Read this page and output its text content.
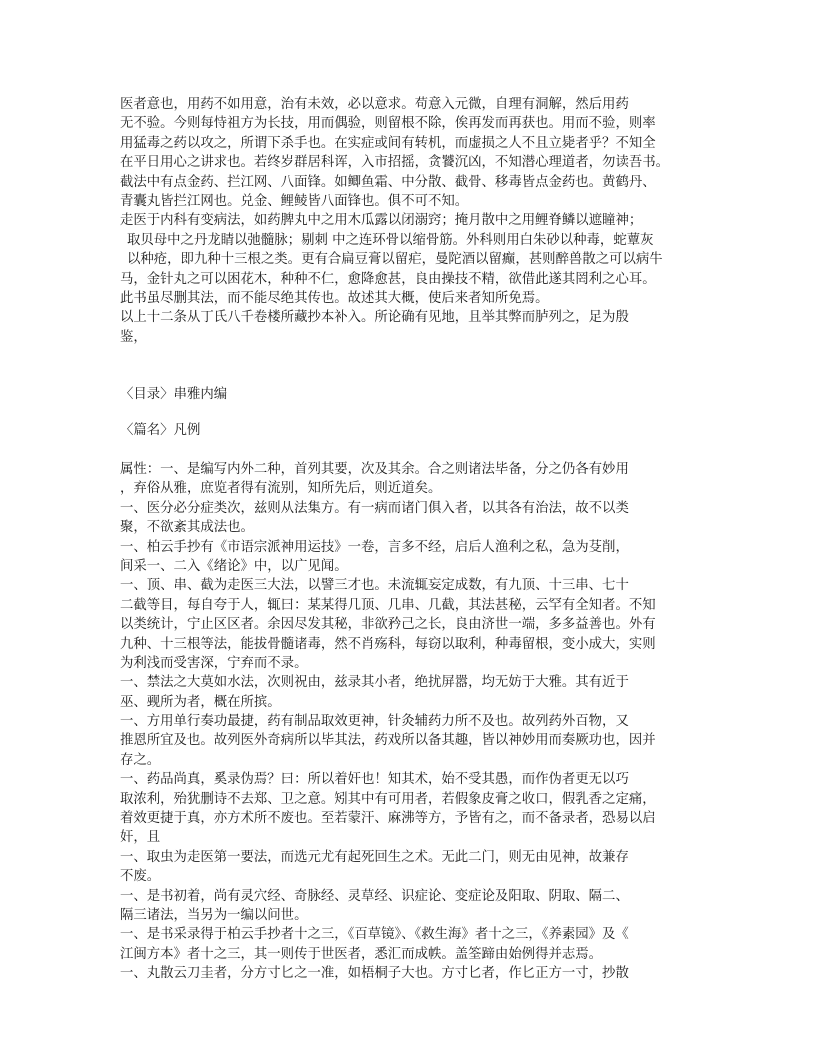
医者意也，用药不如用意，治有未效，必以意求。苟意入元微，自理有洞解，然后用药
无不验。今则每恃祖方为长技，用而偶验，则留根不除，俟再发而再获也。用而不验，则率
用猛毒之药以攻之，所谓下杀手也。在实症或间有转机，而虚损之人不且立毙者乎？不知全
在平日用心之讲求也。若终岁群居科诨，入市招摇，贪饕沉凶，不知潜心理道者，勿读吾书。
截法中有点金药、拦江网、八面锋。如鲫鱼霜、中分散、截骨、移毒皆点金药也。黄鹤丹、
青囊丸皆拦江网也。兑金、鲤鲮皆八面锋也。俱不可不知。
走医于内科有变病法，如药脾丸中之用木瓜露以闭溺窍；掩月散中之用鲤脊鳞以遮瞳神；
取贝母中之丹龙睛以弛髓脉；剔刺 中之连环骨以缩骨筋。外科则用白朱砂以种毒，蛇蕈灰
以种疮，即九种十三根之类。更有合扁豆膏以留疟，曼陀酒以留癫，甚则醉兽散之可以病牛
马，金针丸之可以困花木，种种不仁，愈降愈甚，良由操技不精，欲借此遂其罔利之心耳。
此书虽尽删其法，而不能尽绝其传也。故述其大概，使后来者知所免焉。
以上十二条从丁氏八千卷楼所藏抄本补入。所论确有见地，且举其弊而胪列之，足为殷
鉴，
〈目录〉串雅内编
〈篇名〉凡例
属性：一、是编写内外二种，首列其要，次及其余。合之则诸法毕备，分之仍各有妙用
，弃俗从雅，庶览者得有流别，知所先后，则近道矣。
一、医分必分症类次，兹则从法集方。有一病而诸门俱入者，以其各有治法，故不以类
聚，不欲紊其成法也。
一、柏云手抄有《市语宗派神用运技》一卷，言多不经，启后人渔利之私，急为芟削，
间采一、二入《绪论》中，以广见闻。
一、顶、串、截为走医三大法，以譬三才也。未流辄妄定成数，有九顶、十三串、七十
二截等目，每自夸于人，辄曰：某某得几顶、几串、几截，其法甚秘，云罕有全知者。不知
以类统计，宁止区区者。余因尽发其秘，非欲矜己之长，良由济世一端，多多益善也。外有
九种、十三根等法，能拔骨髓诸毒，然不肖殇科，每窃以取利，种毒留根，变小成大，实则
为利浅而受害深，宁弃而不录。
一、禁法之大莫如水法，次则祝由，兹录其小者，绝扰屏嚣，均无妨于大雅。其有近于
巫、觋所为者，概在所摈。
一、方用单行奏功最捷，药有制品取效更神，针灸辅药力所不及也。故列药外百物，又
推恩所宜及也。故列医外奇病所以毕其法，药戏所以备其趣，皆以神妙用而奏厥功也，因并
存之。
一、药品尚真，奚录伪焉？曰：所以着奸也！知其术，始不受其愚，而作伪者更无以巧
取浓利，殆犹删诗不去郑、卫之意。矧其中有可用者，若假象皮膏之收口，假乳香之定痛，
着效更捷于真，亦方术所不废也。至若蒙汗、麻沸等方，予皆有之，而不备录者，恐易以启
奸，且
一、取虫为走医第一要法，而选元尤有起死回生之术。无此二门，则无由见神，故兼存
不废。
一、是书初着，尚有灵穴经、奇脉经、灵草经、识症论、变症论及阳取、阴取、隔二、
隔三诸法，当另为一编以问世。
一、是书采录得于柏云手抄者十之三，《百草镜》、《救生海》者十之三，《养素园》及《
江闽方本》者十之三，其一则传于世医者，悉汇而成帙。盖筌蹄由始例得并志焉。
一、丸散云刀圭者，分方寸匕之一准，如梧桐子大也。方寸匕者，作匕正方一寸，抄散
